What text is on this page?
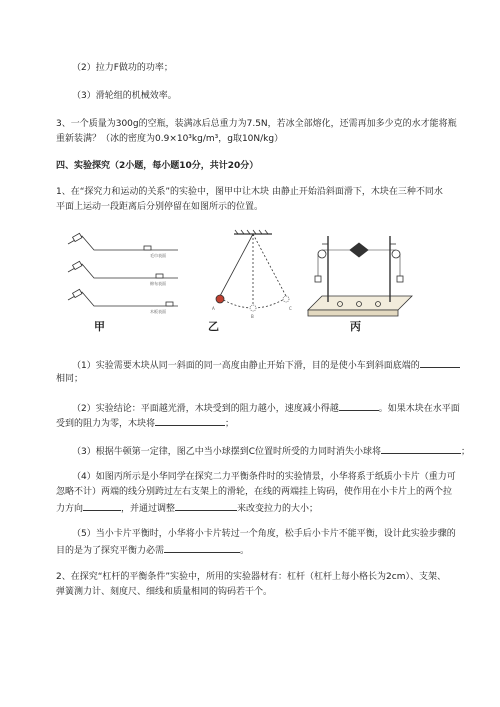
（2）拉力F做功的功率；
（3）滑轮组的机械效率。
3、一个质量为300g的空瓶，装满冰后总重力为7.5N，若冰全部熔化，还需再加多少克的水才能将瓶
重新装满？（冰的密度为0.9×10³kg/m³，g取10N/kg）
四、实验探究（2小题，每小题10分，共计20分）
1、在“探究力和运动的关系”的实验中，图甲中让木块 由静止开始沿斜面滑下，木块在三种不同水
平面上运动一段距离后分别停留在如图所示的位置。
毛巾表面
棉布表面
木板表面
甲
A
B
C
乙	丙
（1）实验需要木块从同一斜面的同一高度由静止开始下滑，目的是使小车到斜面底端的
相同；
（2）实验结论：平面越光滑，木块受到的阻力越小，速度减小得越	。如果木块在水平面
受到的阻力为零，木块将	；
（3）根据牛顿第一定律，图乙中当小球摆到C位置时所受的力同时消失小球将	；
（4）如图丙所示是小华同学在探究二力平衡条件时的实验情景，小华将系于纸质小卡片（重力可
忽略不计）两端的线分别跨过左右支架上的滑轮，在线的两端挂上钩码，使作用在小卡片上的两个拉
力方向	，并通过调整	来改变拉力的大小；
（5）当小卡片平衡时，小华将小卡片转过一个角度，松手后小卡片不能平衡，设计此实验步骤的
目的是为了探究平衡力必需	。
2、在探究“杠杆的平衡条件”实验中，所用的实验器材有：杠杆（杠杆上每小格长为2cm）、支架、
弹簧测力计、刻度尺、细线和质量相同的钩码若干个。
